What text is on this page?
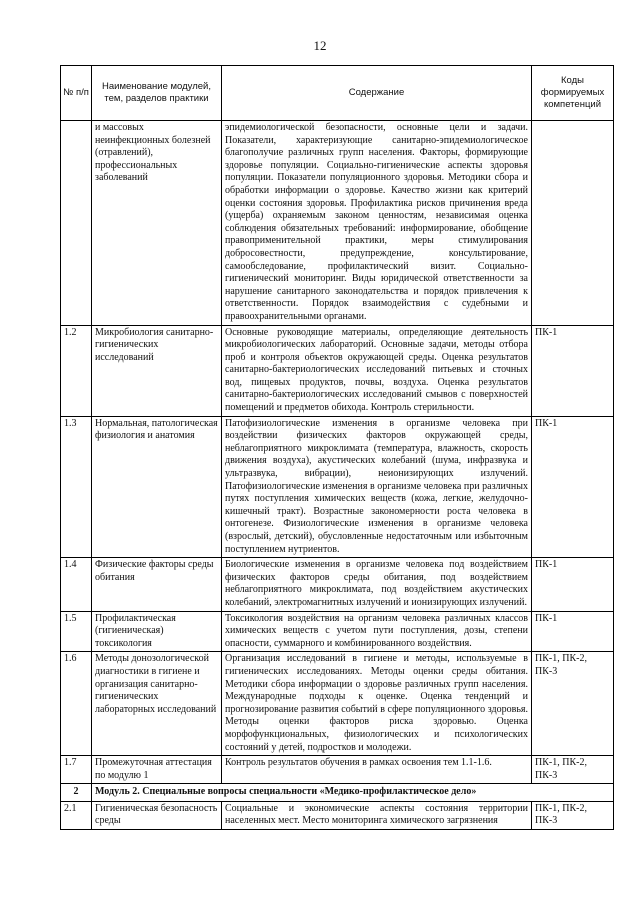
12
№ п/п	Наименование модулей, тем, разделов практики	Содержание	Коды формируемых компетенций
	и массовых неинфекционных болезней (отравлений), профессиональных заболеваний	эпидемиологической безопасности, основные цели и задачи. Показатели, характеризующие санитарно-эпидемиологическое благополучие различных групп населения. Факторы, формирующие здоровье популяции. Социально-гигиенические аспекты здоровья популяции. Показатели популяционного здоровья. Методики сбора и обработки информации о здоровье. Качество жизни как критерий оценки состояния здоровья. Профилактика рисков причинения вреда (ущерба) охраняемым законом ценностям, независимая оценка соблюдения обязательных требований: информирование, обобщение правоприменительной практики, меры стимулирования добросовестности, предупреждение, консультирование, самообследование, профилактический визит. Социально-гигиенический мониторинг. Виды юридической ответственности за нарушение санитарного законодательства и порядок привлечения к ответственности. Порядок взаимодействия с судебными и правоохранительными органами.	
1.2	Микробиология санитарно-гигиенических исследований	Основные руководящие материалы, определяющие деятельность микробиологических лабораторий. Основные задачи, методы отбора проб и контроля объектов окружающей среды. Оценка результатов санитарно-бактериологических исследований питьевых и сточных вод, пищевых продуктов, почвы, воздуха. Оценка результатов санитарно-бактериологических исследований смывов с поверхностей помещений и предметов обихода. Контроль стерильности.	ПК-1
1.3	Нормальная, патологическая физиология и анатомия	Патофизиологические изменения в организме человека при воздействии физических факторов окружающей среды, неблагоприятного микроклимата (температура, влажность, скорость движения воздуха), акустических колебаний (шума, инфразвука и ультразвука, вибрации), неионизирующих излучений. Патофизиологические изменения в организме человека при различных путях поступления химических веществ (кожа, легкие, желудочно-кишечный тракт). Возрастные закономерности роста человека в онтогенезе. Физиологические изменения в организме человека (взрослый, детский), обусловленные недостаточным или избыточным поступлением нутриентов.	ПК-1
1.4	Физические факторы среды обитания	Биологические изменения в организме человека под воздействием физических факторов среды обитания, под воздействием неблагоприятного микроклимата, под воздействием акустических колебаний, электромагнитных излучений и ионизирующих излучений.	ПК-1
1.5	Профилактическая (гигиеническая) токсикология	Токсикология воздействия на организм человека различных классов химических веществ с учетом пути поступления, дозы, степени опасности, суммарного и комбинированного воздействия.	ПК-1
1.6	Методы донозологической диагностики в гигиене и организация санитарно-гигиенических лабораторных исследований	Организация исследований в гигиене и методы, используемые в гигиенических исследованиях. Методы оценки среды обитания. Методики сбора информации о здоровье различных групп населения. Международные подходы к оценке. Оценка тенденций и прогнозирование развития событий в сфере популяционного здоровья. Методы оценки факторов риска здоровью. Оценка морфофункциональных, физиологических и психологических состояний у детей, подростков и молодежи.	ПК-1, ПК-2, ПК-3
1.7	Промежуточная аттестация по модулю 1	Контроль результатов обучения в рамках освоения тем 1.1-1.6.	ПК-1, ПК-2, ПК-3
2	Модуль 2. Специальные вопросы специальности «Медико-профилактическое дело»		
2.1	Гигиеническая безопасность среды	Социальные и экономические аспекты состояния территории населенных мест. Место мониторинга химического загрязнения	ПК-1, ПК-2, ПК-3
